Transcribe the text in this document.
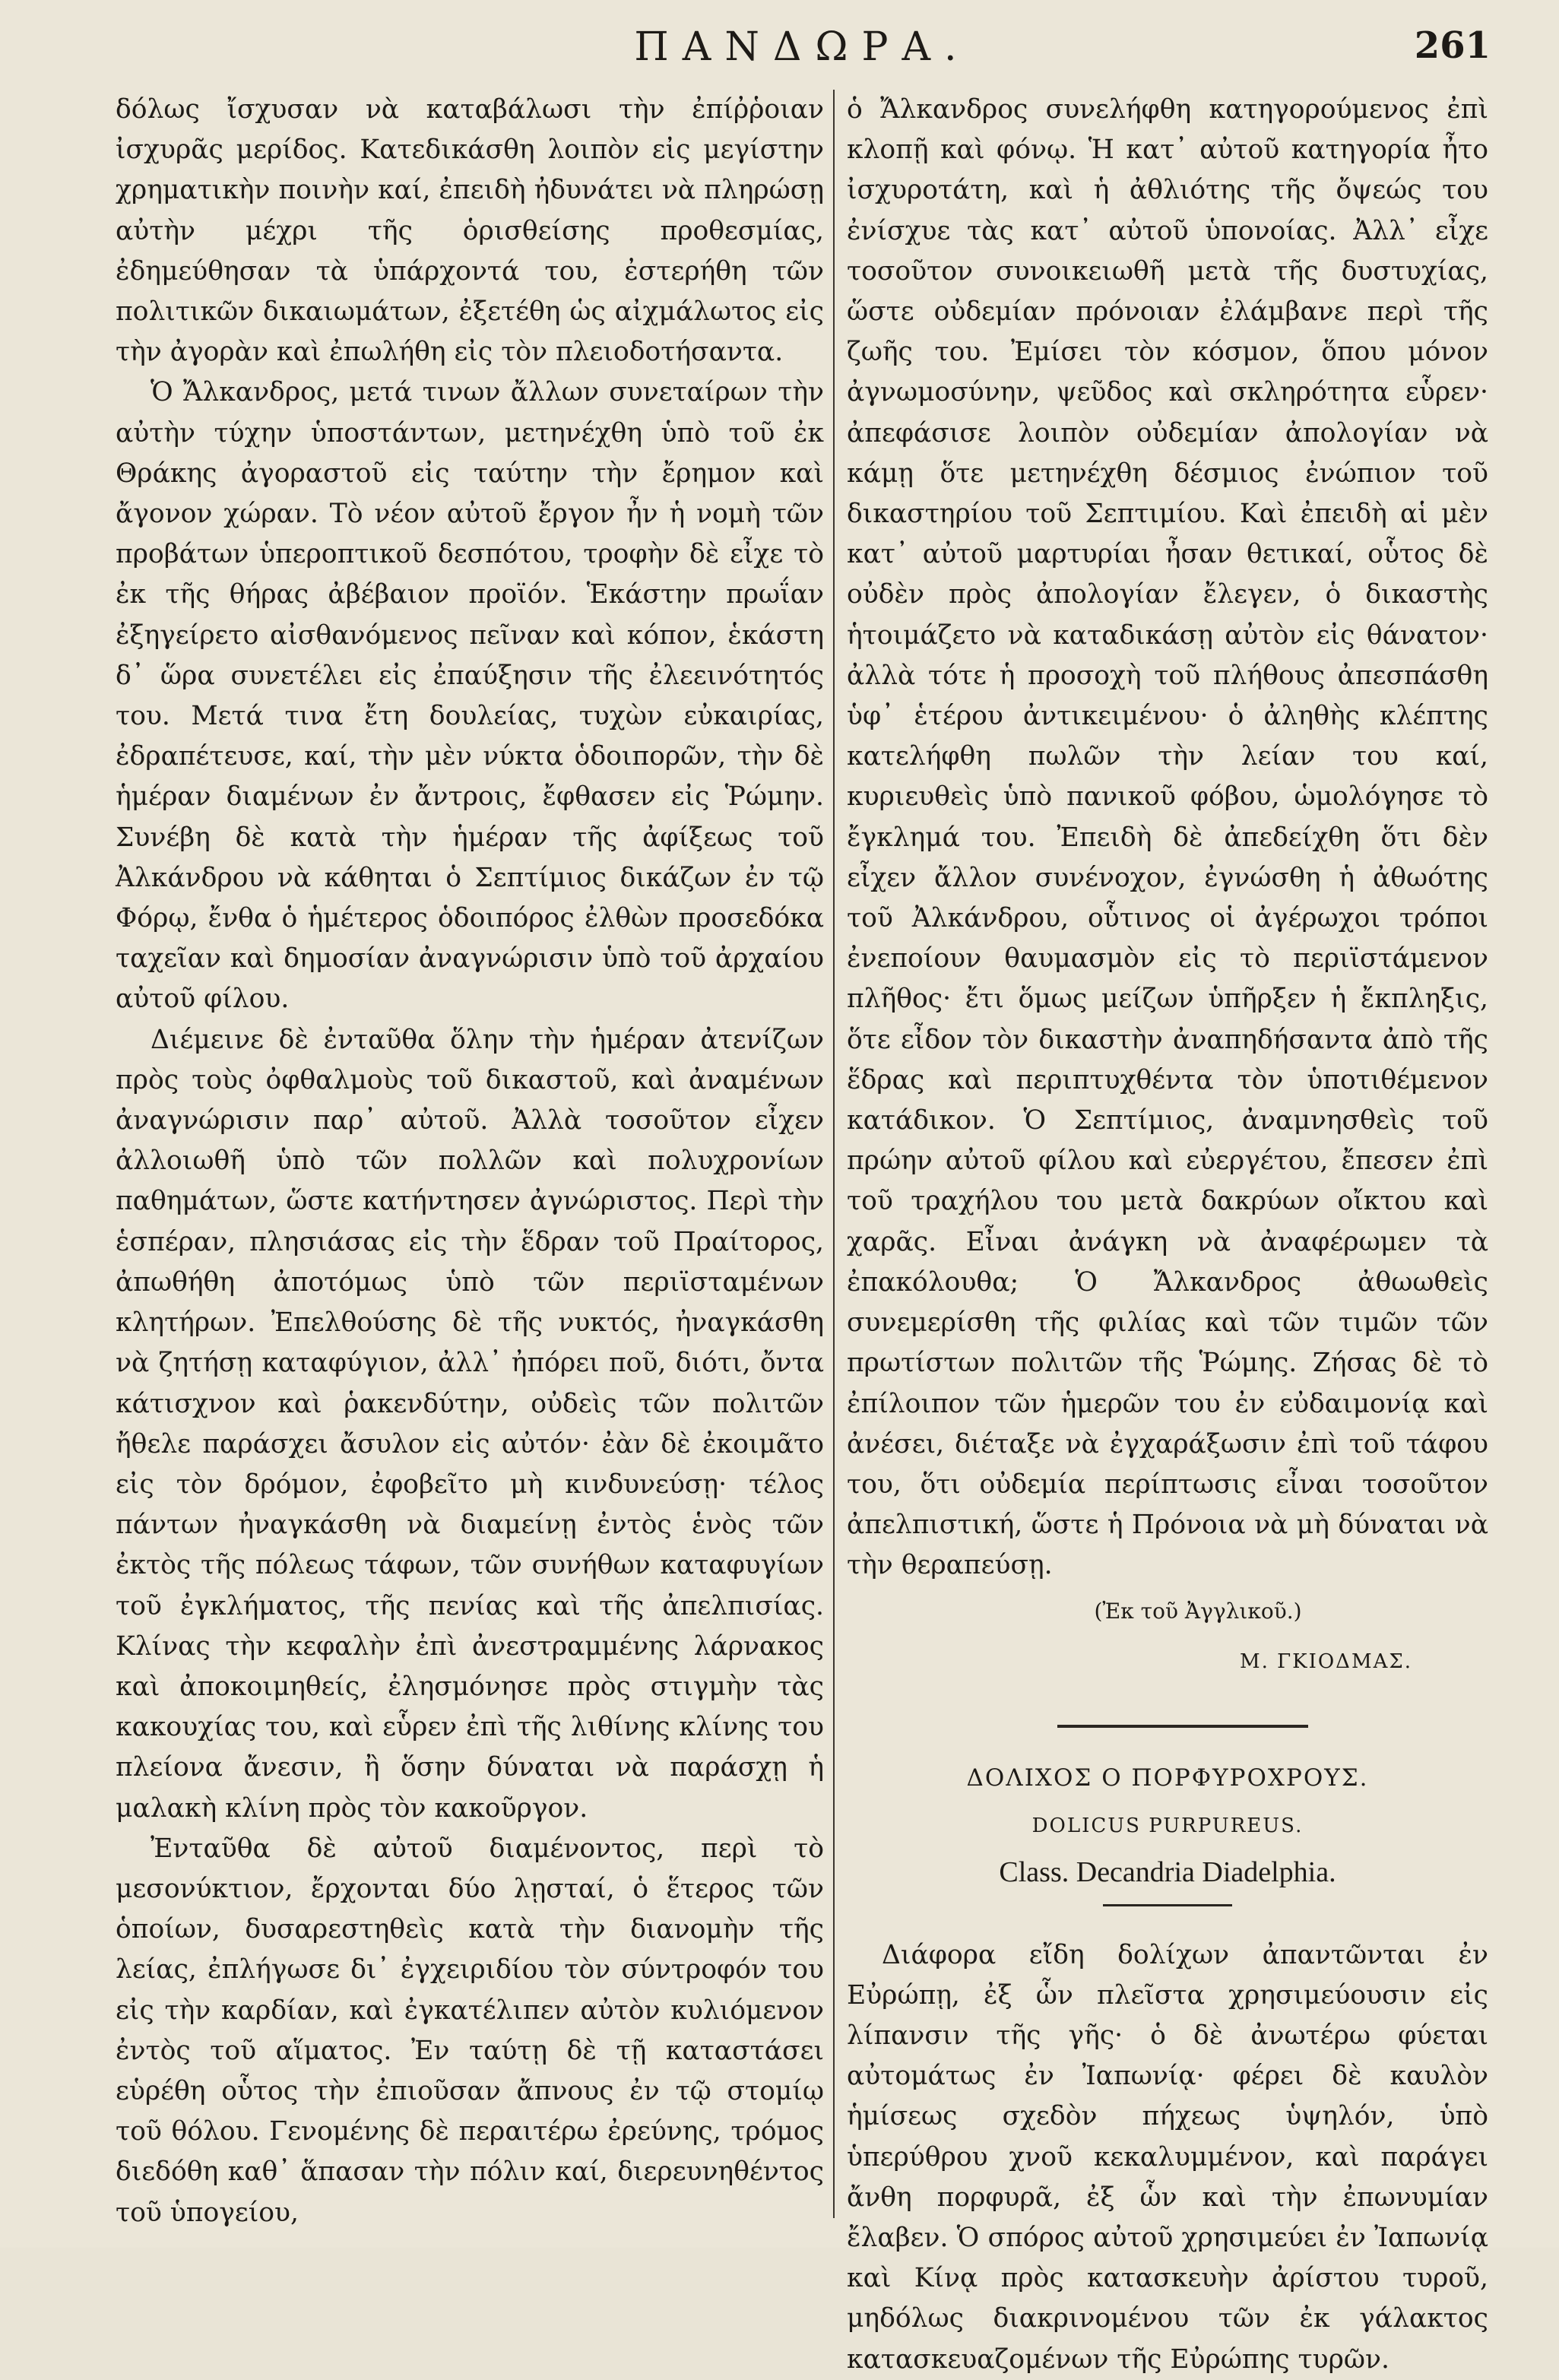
ΠΑΝΔΩΡΑ.	261

δόλως ἴσχυσαν νὰ καταβάλωσι τὴν ἐπίῤῥοιαν ἰσχυρᾶς μερίδος. Κατεδικάσθη λοιπὸν εἰς μεγίστην χρηματικὴν ποινὴν καί, ἐπειδὴ ἠδυνάτει νὰ πληρώσῃ αὐτὴν μέχρι τῆς ὁρισθείσης προθεσμίας, ἐδημεύθησαν τὰ ὑπάρχοντά του, ἐστερήθη τῶν πολιτικῶν δικαιωμάτων, ἐξετέθη ὡς αἰχμάλωτος εἰς τὴν ἀγορὰν καὶ ἐπωλήθη εἰς τὸν πλειοδοτήσαντα.

Ὁ Ἄλκανδρος, μετά τινων ἄλλων συνεταίρων τὴν αὐτὴν τύχην ὑποστάντων, μετηνέχθη ὑπὸ τοῦ ἐκ Θράκης ἀγοραστοῦ εἰς ταύτην τὴν ἔρημον καὶ ἄγονον χώραν. Τὸ νέον αὐτοῦ ἔργον ἦν ἡ νομὴ τῶν προβάτων ὑπεροπτικοῦ δεσπότου, τροφὴν δὲ εἶχε τὸ ἐκ τῆς θήρας ἀβέβαιον προϊόν. Ἑκάστην πρωΐαν ἐξηγείρετο αἰσθανόμενος πεῖναν καὶ κόπον, ἑκάστη δ᾽ ὥρα συνετέλει εἰς ἐπαύξησιν τῆς ἐλεεινότητός του. Μετά τινα ἔτη δουλείας, τυχὼν εὐκαιρίας, ἐδραπέτευσε, καί, τὴν μὲν νύκτα ὁδοιπορῶν, τὴν δὲ ἡμέραν διαμένων ἐν ἄντροις, ἔφθασεν εἰς Ῥώμην. Συνέβη δὲ κατὰ τὴν ἡμέραν τῆς ἀφίξεως τοῦ Ἀλκάνδρου νὰ κάθηται ὁ Σεπτίμιος δικάζων ἐν τῷ Φόρῳ, ἔνθα ὁ ἡμέτερος ὁδοιπόρος ἐλθὼν προσεδόκα ταχεῖαν καὶ δημοσίαν ἀναγνώρισιν ὑπὸ τοῦ ἀρχαίου αὐτοῦ φίλου.

Διέμεινε δὲ ἐνταῦθα ὅλην τὴν ἡμέραν ἀτενίζων πρὸς τοὺς ὀφθαλμοὺς τοῦ δικαστοῦ, καὶ ἀναμένων ἀναγνώρισιν παρ᾽ αὐτοῦ. Ἀλλὰ τοσοῦτον εἶχεν ἀλλοιωθῆ ὑπὸ τῶν πολλῶν καὶ πολυχρονίων παθημάτων, ὥστε κατήντησεν ἀγνώριστος. Περὶ τὴν ἑσπέραν, πλησιάσας εἰς τὴν ἕδραν τοῦ Πραίτορος, ἀπωθήθη ἀποτόμως ὑπὸ τῶν περιϊσταμένων κλητήρων. Ἐπελθούσης δὲ τῆς νυκτός, ἠναγκάσθη νὰ ζητήσῃ καταφύγιον, ἀλλ᾽ ἠπόρει ποῦ, διότι, ὄντα κάτισχνον καὶ ῥακενδύτην, οὐδεὶς τῶν πολιτῶν ἤθελε παράσχει ἄσυλον εἰς αὐτόν· ἐὰν δὲ ἐκοιμᾶτο εἰς τὸν δρόμον, ἐφοβεῖτο μὴ κινδυνεύσῃ· τέλος πάντων ἠναγκάσθη νὰ διαμείνῃ ἐντὸς ἑνὸς τῶν ἐκτὸς τῆς πόλεως τάφων, τῶν συνήθων καταφυγίων τοῦ ἐγκλήματος, τῆς πενίας καὶ τῆς ἀπελπισίας. Κλίνας τὴν κεφαλὴν ἐπὶ ἀνεστραμμένης λάρνακος καὶ ἀποκοιμηθείς, ἐλησμόνησε πρὸς στιγμὴν τὰς κακουχίας του, καὶ εὗρεν ἐπὶ τῆς λιθίνης κλίνης του πλείονα ἄνεσιν, ἢ ὅσην δύναται νὰ παράσχῃ ἡ μαλακὴ κλίνη πρὸς τὸν κακοῦργον.

Ἐνταῦθα δὲ αὐτοῦ διαμένοντος, περὶ τὸ μεσονύκτιον, ἔρχονται δύο λῃσταί, ὁ ἕτερος τῶν ὁποίων, δυσαρεστηθεὶς κατὰ τὴν διανομὴν τῆς λείας, ἐπλήγωσε δι᾽ ἐγχειριδίου τὸν σύντροφόν του εἰς τὴν καρδίαν, καὶ ἐγκατέλιπεν αὐτὸν κυλιόμενον ἐντὸς τοῦ αἵματος. Ἐν ταύτῃ δὲ τῇ καταστάσει εὑρέθη οὗτος τὴν ἐπιοῦσαν ἄπνους ἐν τῷ στομίῳ τοῦ θόλου. Γενομένης δὲ περαιτέρω ἐρεύνης, τρόμος διεδόθη καθ᾽ ἅπασαν τὴν πόλιν καί, διερευνηθέντος τοῦ ὑπογείου,

ὁ Ἄλκανδρος συνελήφθη κατηγορούμενος ἐπὶ κλοπῇ καὶ φόνῳ. Ἡ κατ᾽ αὐτοῦ κατηγορία ἦτο ἰσχυροτάτη, καὶ ἡ ἀθλιότης τῆς ὄψεώς του ἐνίσχυε τὰς κατ᾽ αὐτοῦ ὑπονοίας. Ἀλλ᾽ εἶχε τοσοῦτον συνοικειωθῆ μετὰ τῆς δυστυχίας, ὥστε οὐδεμίαν πρόνοιαν ἐλάμβανε περὶ τῆς ζωῆς του. Ἐμίσει τὸν κόσμον, ὅπου μόνον ἀγνωμοσύνην, ψεῦδος καὶ σκληρότητα εὗρεν· ἀπεφάσισε λοιπὸν οὐδεμίαν ἀπολογίαν νὰ κάμῃ ὅτε μετηνέχθη δέσμιος ἐνώπιον τοῦ δικαστηρίου τοῦ Σεπτιμίου. Καὶ ἐπειδὴ αἱ μὲν κατ᾽ αὐτοῦ μαρτυρίαι ἦσαν θετικαί, οὗτος δὲ οὐδὲν πρὸς ἀπολογίαν ἔλεγεν, ὁ δικαστὴς ἡτοιμάζετο νὰ καταδικάσῃ αὐτὸν εἰς θάνατον· ἀλλὰ τότε ἡ προσοχὴ τοῦ πλήθους ἀπεσπάσθη ὑφ᾽ ἑτέρου ἀντικειμένου· ὁ ἀληθὴς κλέπτης κατελήφθη πωλῶν τὴν λείαν του καί, κυριευθεὶς ὑπὸ πανικοῦ φόβου, ὡμολόγησε τὸ ἔγκλημά του. Ἐπειδὴ δὲ ἀπεδείχθη ὅτι δὲν εἶχεν ἄλλον συνένοχον, ἐγνώσθη ἡ ἀθωότης τοῦ Ἀλκάνδρου, οὗτινος οἱ ἀγέρωχοι τρόποι ἐνεποίουν θαυμασμὸν εἰς τὸ περιϊστάμενον πλῆθος· ἔτι ὅμως μείζων ὑπῆρξεν ἡ ἔκπληξις, ὅτε εἶδον τὸν δικαστὴν ἀναπηδήσαντα ἀπὸ τῆς ἕδρας καὶ περιπτυχθέντα τὸν ὑποτιθέμενον κατάδικον. Ὁ Σεπτίμιος, ἀναμνησθεὶς τοῦ πρώην αὐτοῦ φίλου καὶ εὐεργέτου, ἔπεσεν ἐπὶ τοῦ τραχήλου του μετὰ δακρύων οἴκτου καὶ χαρᾶς. Εἶναι ἀνάγκη νὰ ἀναφέρωμεν τὰ ἐπακόλουθα; Ὁ Ἄλκανδρος ἀθωωθεὶς συνεμερίσθη τῆς φιλίας καὶ τῶν τιμῶν τῶν πρωτίστων πολιτῶν τῆς Ῥώμης. Ζήσας δὲ τὸ ἐπίλοιπον τῶν ἡμερῶν του ἐν εὐδαιμονίᾳ καὶ ἀνέσει, διέταξε νὰ ἐγχαράξωσιν ἐπὶ τοῦ τάφου του, ὅτι οὐδεμία περίπτωσις εἶναι τοσοῦτον ἀπελπιστική, ὥστε ἡ Πρόνοια νὰ μὴ δύναται νὰ τὴν θεραπεύσῃ.

(Ἐκ τοῦ Ἀγγλικοῦ.)
Μ. ΓΚΙΟΔΜΑΣ.
ΔΟΛΙΧΟΣ Ο ΠΟΡΦΥΡΟΧΡΟΥΣ.
DOLICUS PURPUREUS.
Class. Decandria Diadelphia.

Διάφορα εἴδη δολίχων ἀπαντῶνται ἐν Εὐρώπῃ, ἐξ ὧν πλεῖστα χρησιμεύουσιν εἰς λίπανσιν τῆς γῆς· ὁ δὲ ἀνωτέρω φύεται αὐτομάτως ἐν Ἰαπωνίᾳ· φέρει δὲ καυλὸν ἡμίσεως σχεδὸν πήχεως ὑψηλόν, ὑπὸ ὑπερύθρου χνοῦ κεκαλυμμένον, καὶ παράγει ἄνθη πορφυρᾶ, ἐξ ὧν καὶ τὴν ἐπωνυμίαν ἔλαβεν. Ὁ σπόρος αὐτοῦ χρησιμεύει ἐν Ἰαπωνίᾳ καὶ Κίνᾳ πρὸς κατασκευὴν ἀρίστου τυροῦ, μηδόλως διακρινομένου τῶν ἐκ γάλακτος κατασκευαζομένων τῆς Εὐρώπης τυρῶν.
